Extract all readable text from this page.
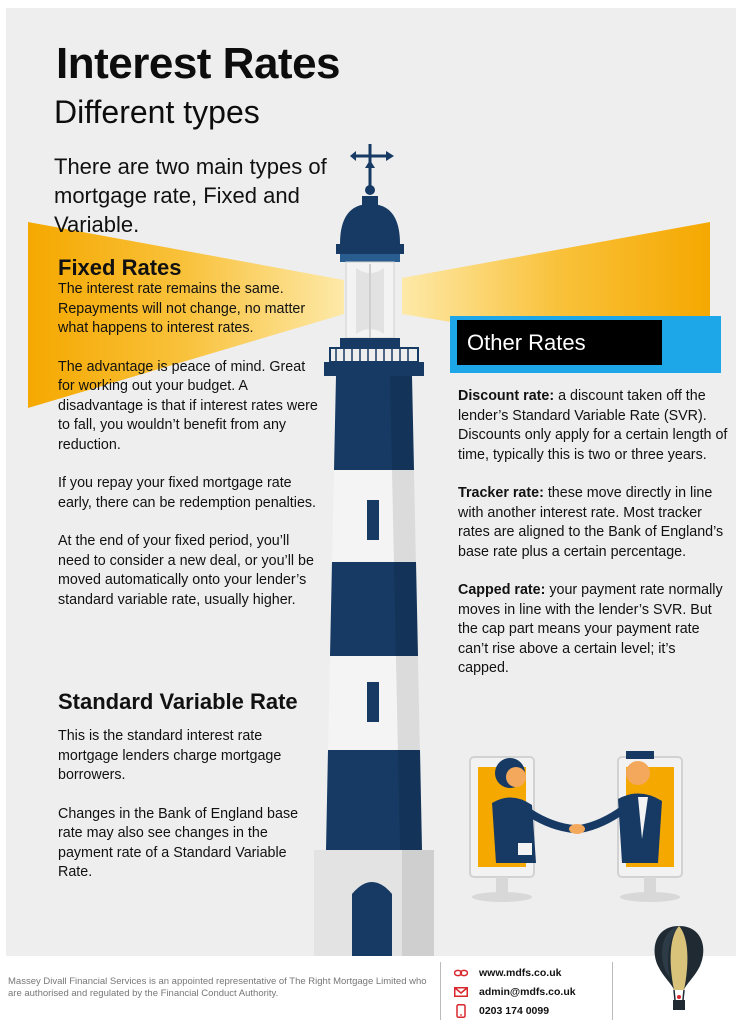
Interest Rates
Different types
There are two main types of mortgage rate, Fixed and Variable.
Fixed Rates

The interest rate remains the same. Repayments will not change, no matter what happens to interest rates.

The advantage is peace of mind. Great for working out your budget. A disadvantage is that if interest rates were to fall, you wouldn’t benefit from any reduction.

If you repay your fixed mortgage rate early, there can be redemption penalties.

At the end of your fixed period, you’ll need to consider a new deal, or you’ll be moved automatically onto your lender’s standard variable rate, usually higher.

Standard Variable Rate

This is the standard interest rate mortgage lenders charge mortgage borrowers.

Changes in the Bank of England base rate may also see changes in the payment rate of a Standard Variable Rate.

Other Rates

Discount rate: a discount taken off the lender’s Standard Variable Rate (SVR). Discounts only apply for a certain length of time, typically this is two or three years.

Tracker rate: these move directly in line with another interest rate. Most tracker rates are aligned to the Bank of England’s base rate plus a certain percentage.

Capped rate: your payment rate normally moves in line with the lender’s SVR. But the cap part means your payment rate can’t rise above a certain level; it’s capped.

Massey Divall Financial Services is an appointed representative of The Right Mortgage Limited who are authorised and regulated by the Financial Conduct Authority.
www.mdfs.co.uk
admin@mdfs.co.uk
0203 174 0099
